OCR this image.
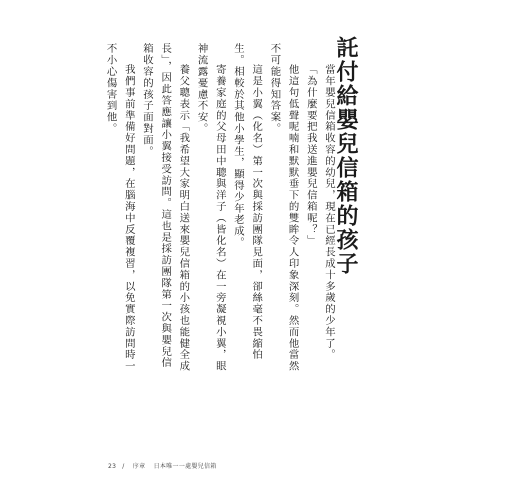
託付給嬰兒信箱的孩子
當年嬰兒信箱收容的幼兒，現在已經長成十多歲的少年了。
「為什麼要把我送進嬰兒信箱呢？」
他這句低聲呢喃和默默垂下的雙眸令人印象深刻。然而他當然不可能得知答案。
這是小翼（化名）第一次與採訪團隊見面，卻絲毫不畏縮怕生。相較於其他小學生，顯得少年老成。
寄養家庭的父母田中聰與洋子（皆化名）在一旁凝視小翼，眼神流露憂慮不安。
養父聰表示「我希望大家明白送來嬰兒信箱的小孩也能健全成長」，因此答應讓小翼接受訪問。這也是採訪團隊第一次與嬰兒信箱收容的孩子面對面。
我們事前準備好問題，在腦海中反覆複習，以免實際訪問時一不小心傷害到他。
23 / 序章 日本唯一一處嬰兒信箱
